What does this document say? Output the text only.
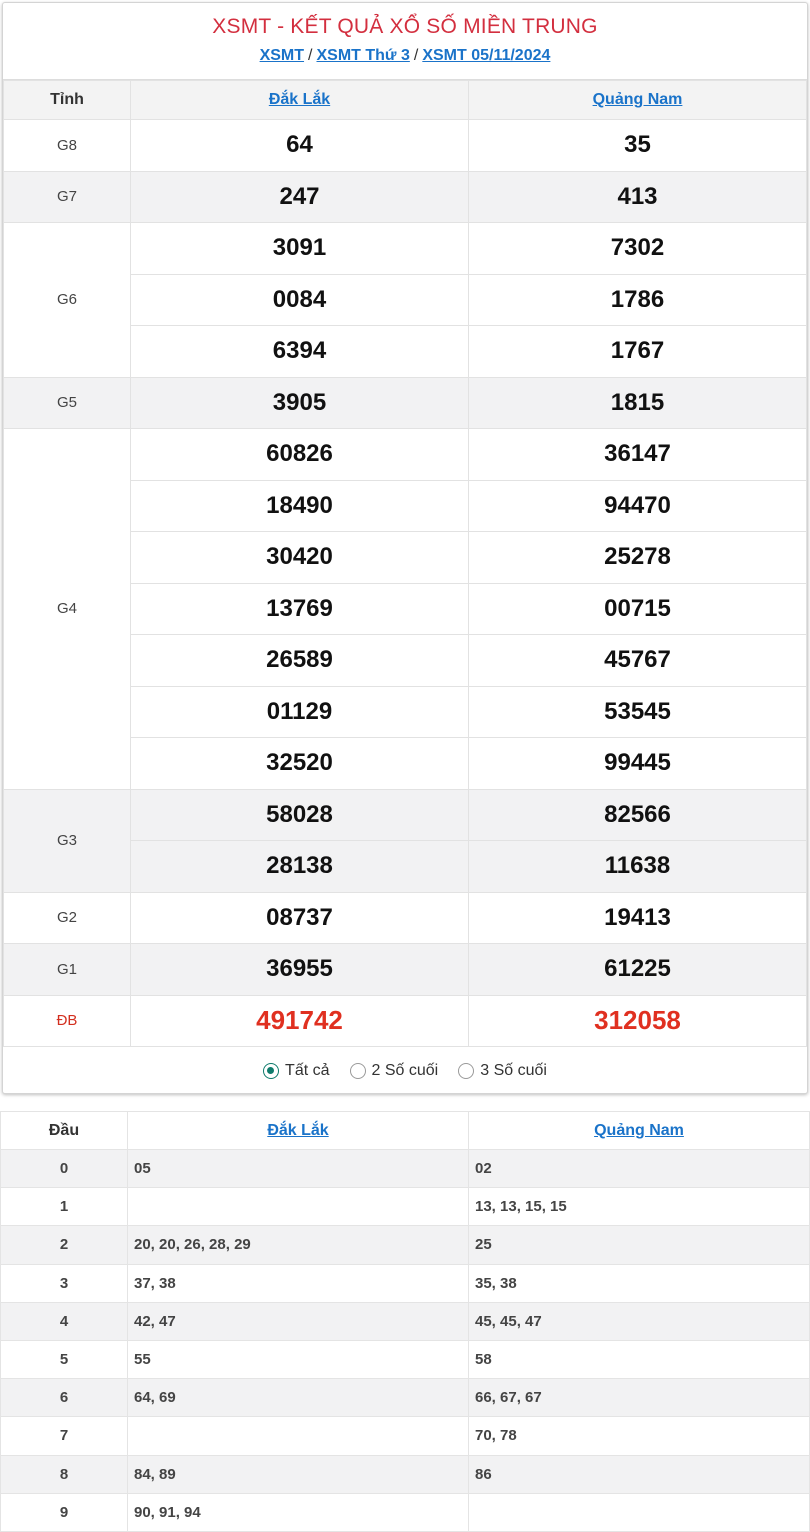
XSMT - KẾT QUẢ XỔ SỐ MIỀN TRUNG
XSMT / XSMT Thứ 3 / XSMT 05/11/2024
Tỉnh	Đắk Lắk	Quảng Nam
G8	64	35
G7	247	413
G6	3091	7302
	0084	1786
	6394	1767
G5	3905	1815
G4	60826	36147
	18490	94470
	30420	25278
	13769	00715
	26589	45767
	01129	53545
	32520	99445
G3	58028	82566
	28138	11638
G2	08737	19413
G1	36955	61225
ĐB	491742	312058
Tất cả	2 Số cuối	3 Số cuối
Đầu	Đắk Lắk	Quảng Nam
0	05	02
1		13, 13, 15, 15
2	20, 20, 26, 28, 29	25
3	37, 38	35, 38
4	42, 47	45, 45, 47
5	55	58
6	64, 69	66, 67, 67
7		70, 78
8	84, 89	86
9	90, 91, 94	
